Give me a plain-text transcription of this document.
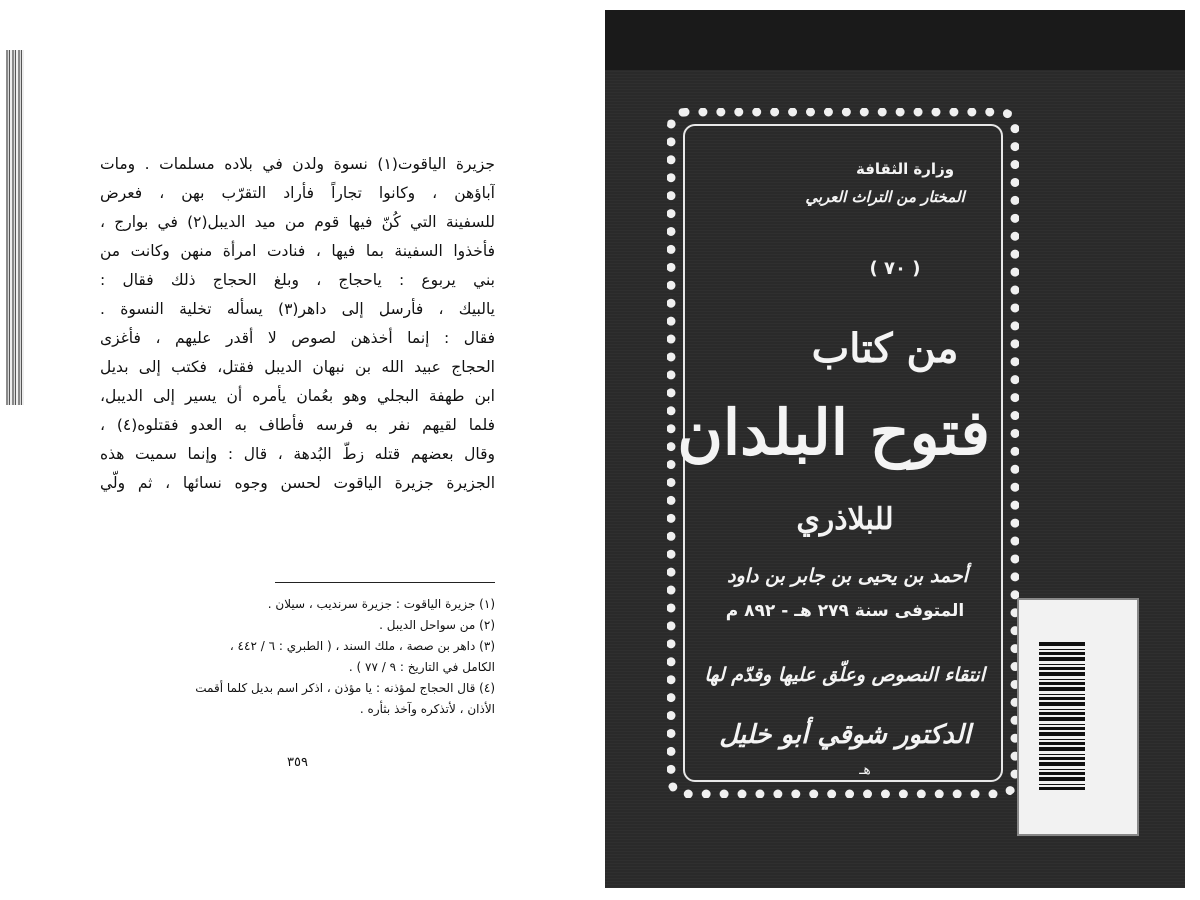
جزيرة الياقوت(١) نسوة ولدن في بلاده مسلمات . ومات
آباؤهن ، وكانوا تجاراً فأراد التقرّب بهن ، فعرض
للسفينة التي كُنّ فيها قوم من ميد الديبل(٢) في بوارج ،
فأخذوا السفينة بما فيها ، فنادت امرأة منهن وكانت من
بني يربوع : ياحجاج ، وبلغ الحجاج ذلك فقال :
يالبيك ، فأرسل إلى داهر(٣) يسأله تخلية النسوة .
فقال : إنما أخذهن لصوص لا أقدر عليهم ، فأغزى
الحجاج عبيد الله بن نبهان الديبل فقتل، فكتب إلى بديل
ابن طهفة البجلي وهو بعُمان يأمره أن يسير إلى الديبل،
فلما لقيهم نفر به فرسه فأطاف به العدو فقتلوه(٤) ،
وقال بعضهم قتله زطّ البُدهة ، قال : وإنما سميت هذه
الجزيرة جزيرة الياقوت لحسن وجوه نسائها ، ثم ولّي
(١) جزيرة الياقوت : جزيرة سرنديب ، سيلان .
(٢) من سواحل الديبل .
(٣) داهر بن صصة ، ملك السند ، ( الطبري : ٦ / ٤٤٢ ،
الكامل في التاريخ : ٩ / ٧٧ ) .
(٤) قال الحجاج لمؤذنه : يا مؤذن ، اذكر اسم بديل كلما أقمت
الأذان ، لأتذكره وآخذ بثأره .
٣٥٩
وزارة الثقافة
المختار من التراث العربي
( ٧٠ )
من كتاب
فتوح البلدان
للبلاذري
أحمد بن يحيى بن جابر بن داود
المتوفى سنة ٢٧٩ هـ - ٨٩٢ م
انتقاء النصوص وعلّق عليها وقدّم لها
الدكتور شوقي أبو خليل
هـ
